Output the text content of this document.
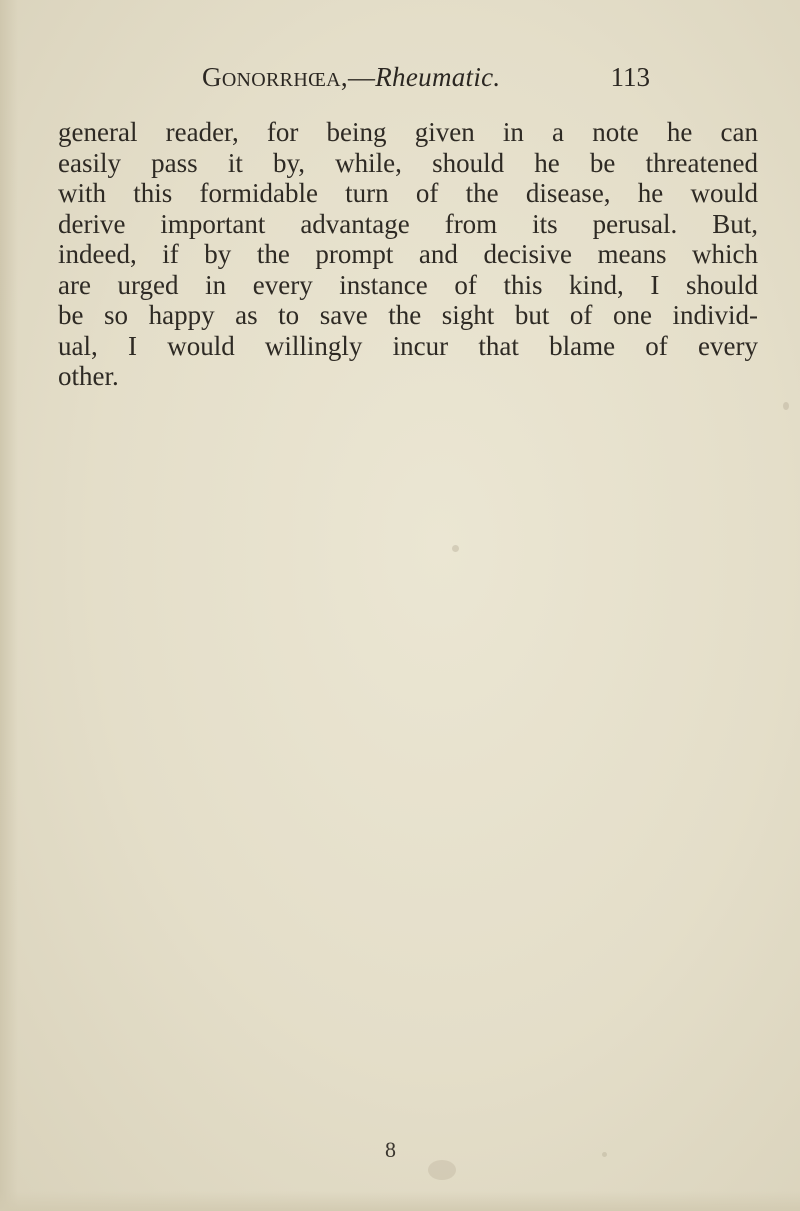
GONORRHŒA,—Rheumatic.	113
general reader, for being given in a note he can
easily pass it by, while, should he be threatened
with this formidable turn of the disease, he would
derive important advantage from its perusal. But,
indeed, if by the prompt and decisive means which
are urged in every instance of this kind, I should
be so happy as to save the sight but of one individ-
ual, I would willingly incur that blame of every
other.
8
